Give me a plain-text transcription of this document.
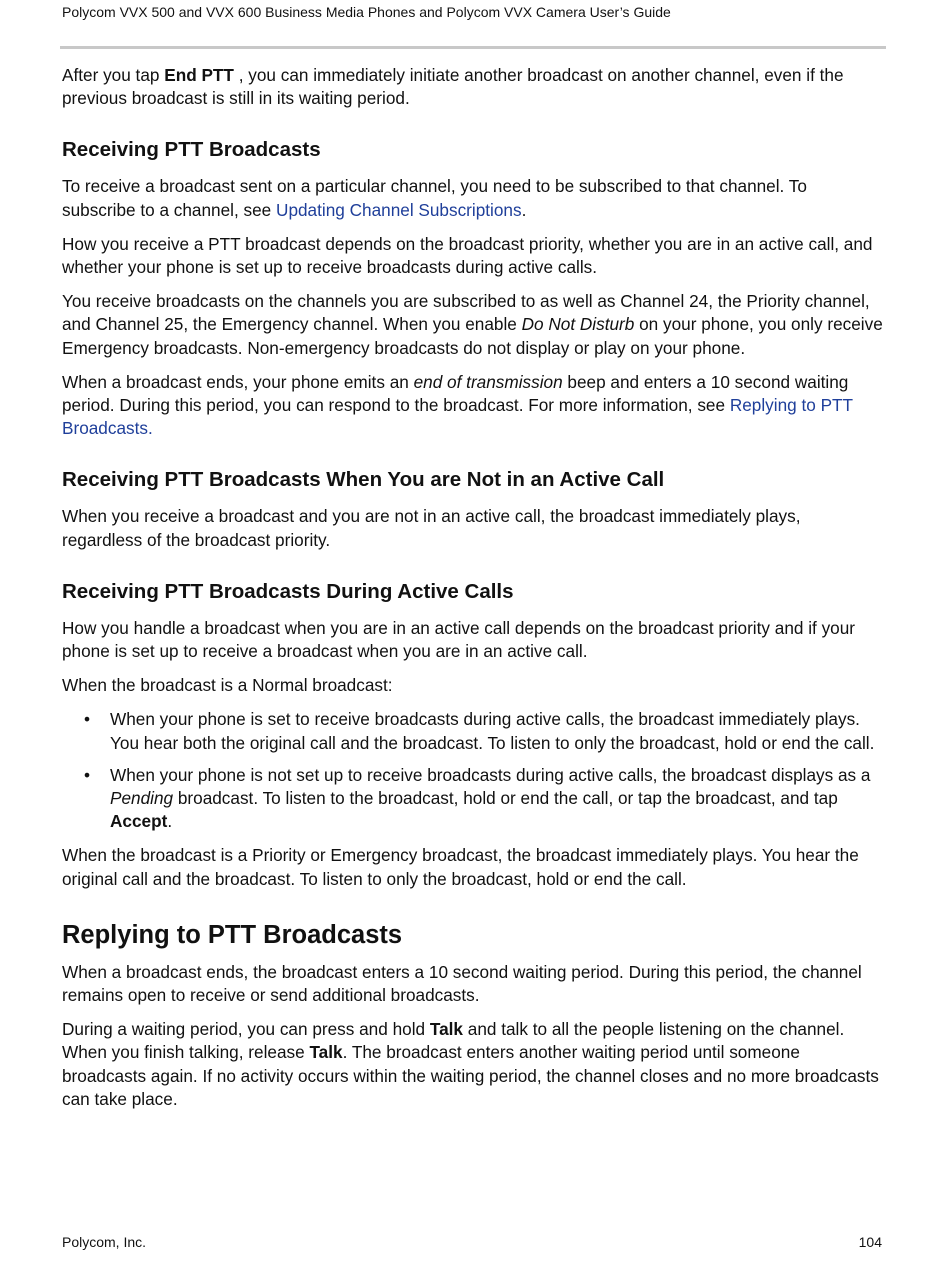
Polycom VVX 500 and VVX 600 Business Media Phones and Polycom VVX Camera User’s Guide

After you tap End PTT , you can immediately initiate another broadcast on another channel, even if the previous broadcast is still in its waiting period.

Receiving PTT Broadcasts

To receive a broadcast sent on a particular channel, you need to be subscribed to that channel. To subscribe to a channel, see Updating Channel Subscriptions.

How you receive a PTT broadcast depends on the broadcast priority, whether you are in an active call, and whether your phone is set up to receive broadcasts during active calls.

You receive broadcasts on the channels you are subscribed to as well as Channel 24, the Priority channel, and Channel 25, the Emergency channel. When you enable Do Not Disturb on your phone, you only receive Emergency broadcasts. Non-emergency broadcasts do not display or play on your phone.

When a broadcast ends, your phone emits an end of transmission beep and enters a 10 second waiting period. During this period, you can respond to the broadcast. For more information, see Replying to PTT Broadcasts.

Receiving PTT Broadcasts When You are Not in an Active Call

When you receive a broadcast and you are not in an active call, the broadcast immediately plays, regardless of the broadcast priority.

Receiving PTT Broadcasts During Active Calls

How you handle a broadcast when you are in an active call depends on the broadcast priority and if your phone is set up to receive a broadcast when you are in an active call.

When the broadcast is a Normal broadcast:

• When your phone is set to receive broadcasts during active calls, the broadcast immediately plays. You hear both the original call and the broadcast. To listen to only the broadcast, hold or end the call.
• When your phone is not set up to receive broadcasts during active calls, the broadcast displays as a Pending broadcast. To listen to the broadcast, hold or end the call, or tap the broadcast, and tap Accept.

When the broadcast is a Priority or Emergency broadcast, the broadcast immediately plays. You hear the original call and the broadcast. To listen to only the broadcast, hold or end the call.

Replying to PTT Broadcasts

When a broadcast ends, the broadcast enters a 10 second waiting period. During this period, the channel remains open to receive or send additional broadcasts.

During a waiting period, you can press and hold Talk and talk to all the people listening on the channel. When you finish talking, release Talk. The broadcast enters another waiting period until someone broadcasts again. If no activity occurs within the waiting period, the channel closes and no more broadcasts can take place.

Polycom, Inc.	104
